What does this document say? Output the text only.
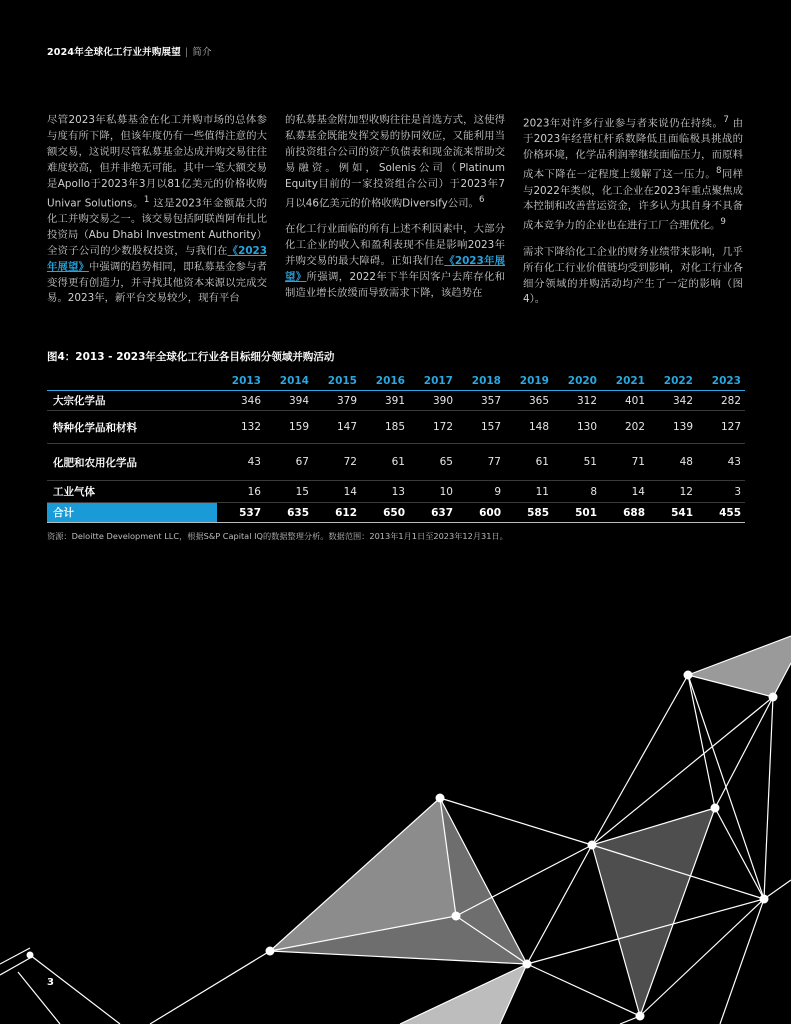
2024年全球化工行业并购展望 | 简介

尽管2023年私募基金在化工并购市场的总体参与度有所下降，但该年度仍有一些值得注意的大额交易，这说明尽管私募基金达成并购交易往往难度较高，但并非绝无可能。其中一笔大额交易是Apollo于2023年3月以81亿美元的价格收购Univar Solutions。$^1$ 这是2023年金额最大的化工并购交易之一。该交易包括阿联酋阿布扎比投资局（Abu Dhabi Investment Authority）全资子公司的少数股权投资，与我们在《2023年展望》中强调的趋势相同，即私募基金参与者变得更有创造力，并寻找其他资本来源以完成交易。2023年，新平台交易较少，现有平台

的私募基金附加型收购往往是首选方式，这使得私募基金既能发挥交易的协同效应，又能利用当前投资组合公司的资产负债表和现金流来帮助交易融资。例如，Solenis公司（Platinum Equity目前的一家投资组合公司）于2023年7月以46亿美元的价格收购Diversify公司。$^6$

在化工行业面临的所有上述不利因素中，大部分化工企业的收入和盈利表现不佳是影响2023年并购交易的最大障碍。正如我们在《2023年展望》所强调，2022年下半年因客户去库存化和制造业增长放缓而导致需求下降，该趋势在

2023年对许多行业参与者来说仍在持续。$^7$ 由于2023年经营杠杆系数降低且面临极具挑战的价格环境，化学品利润率继续面临压力，而原料成本下降在一定程度上缓解了这一压力。$^8$同样与2022年类似，化工企业在2023年重点聚焦成本控制和改善营运资金，许多认为其自身不具备成本竞争力的企业也在进行工厂合理优化。$^9$

需求下降给化工企业的财务业绩带来影响，几乎所有化工行业价值链均受到影响，对化工行业各细分领域的并购活动均产生了一定的影响（图4）。

图4：2013 - 2023年全球化工行业各目标细分领域并购活动
	2013	2014	2015	2016	2017	2018	2019	2020	2021	2022	2023
大宗化学品	346	394	379	391	390	357	365	312	401	342	282
特种化学品和材料	132	159	147	185	172	157	148	130	202	139	127
化肥和农用化学品	43	67	72	61	65	77	61	51	71	48	43
工业气体	16	15	14	13	10	9	11	8	14	12	3
合计	537	635	612	650	637	600	585	501	688	541	455
资源：Deloitte Development LLC，根据S&P Capital IQ的数据整理分析。数据范围：2013年1月1日至2023年12月31日。
3
